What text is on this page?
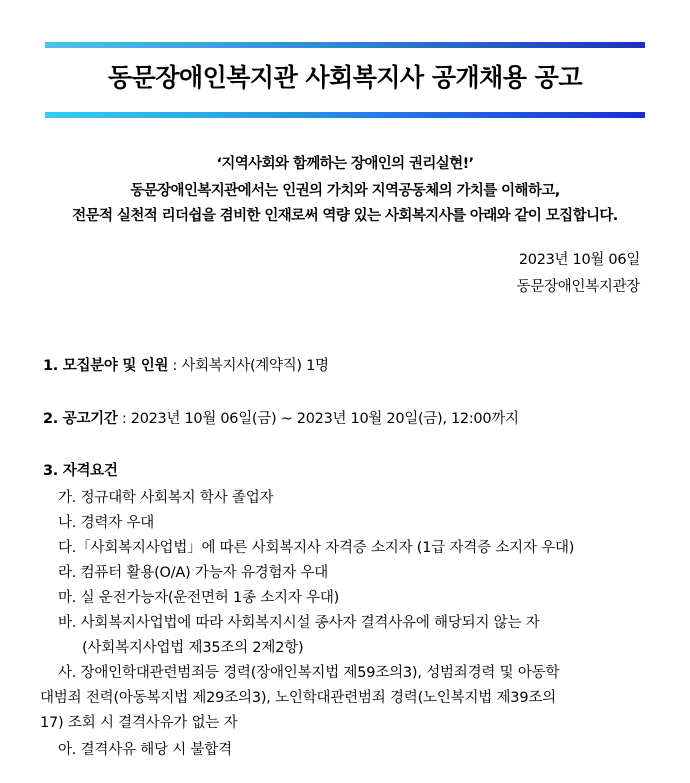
동문장애인복지관 사회복지사 공개채용 공고
‘지역사회와 함께하는 장애인의 권리실현!’
동문장애인복지관에서는 인권의 가치와 지역공동체의 가치를 이해하고,
전문적 실천적 리더쉽을 겸비한 인재로써 역량 있는 사회복지사를 아래와 같이 모집합니다.
2023년 10월 06일
동문장애인복지관장
1. 모집분야 및 인원 : 사회복지사(계약직) 1명
2. 공고기간 : 2023년 10월 06일(금) ~ 2023년 10월 20일(금), 12:00까지
3. 자격요건
가. 정규대학 사회복지 학사 졸업자
나. 경력자 우대
다.「사회복지사업법」에 따른 사회복지사 자격증 소지자 (1급 자격증 소지자 우대)
라. 컴퓨터 활용(O/A) 가능자 유경험자 우대
마. 실 운전가능자(운전면허 1종 소지자 우대)
바. 사회복지사업법에 따라 사회복지시설 종사자 결격사유에 해당되지 않는 자
(사회복지사업법 제35조의 2제2항)
사. 장애인학대관련범죄등 경력(장애인복지법 제59조의3), 성범죄경력 및 아동학
대범죄 전력(아동복지법 제29조의3), 노인학대관련범죄 경력(노인복지법 제39조의
17) 조회 시 결격사유가 없는 자
아. 결격사유 해당 시 불합격
